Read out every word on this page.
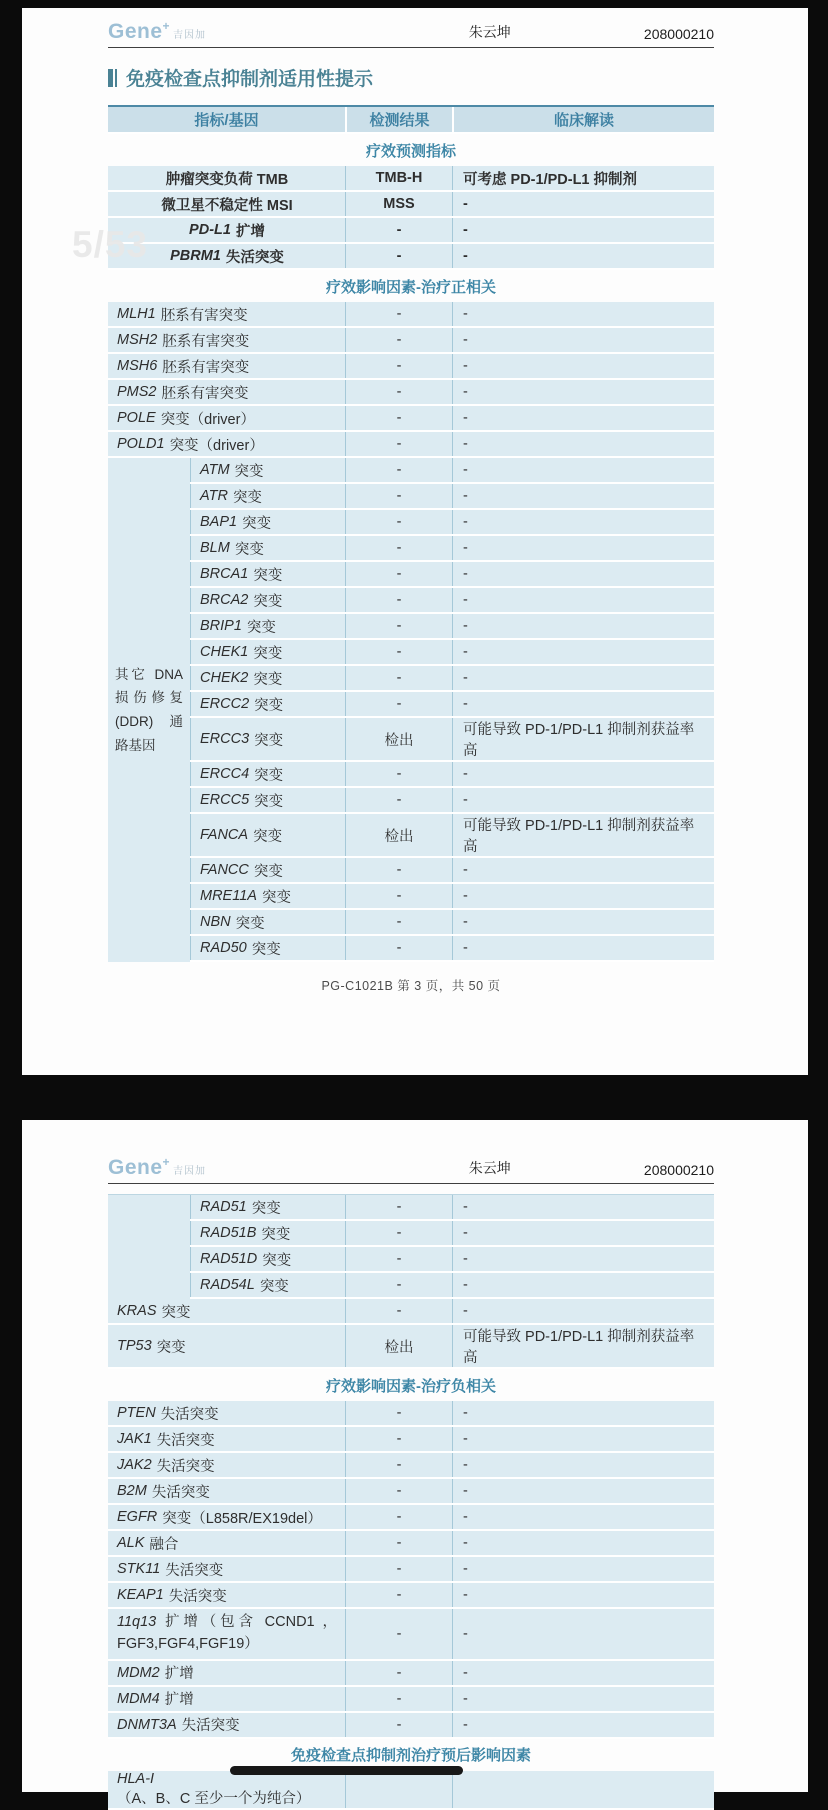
Gene+吉因加	朱云坤	208000210
免疫检查点抑制剂适用性提示
指标/基因	检测结果	临床解读
疗效预测指标
肿瘤突变负荷 TMB	TMB-H	可考虑 PD-1/PD-L1 抑制剂
微卫星不稳定性 MSI	MSS	-
PD-L1 扩增	-	-
PBRM1 失活突变	-	-
疗效影响因素-治疗正相关
MLH1 胚系有害突变	-	-
MSH2 胚系有害突变	-	-
MSH6 胚系有害突变	-	-
PMS2 胚系有害突变	-	-
POLE 突变（driver）	-	-
POLD1 突变（driver）	-	-
其它 DNA 损伤修复 (DDR) 通路基因
ATM 突变	-	-
ATR 突变	-	-
BAP1 突变	-	-
BLM 突变	-	-
BRCA1 突变	-	-
BRCA2 突变	-	-
BRIP1 突变	-	-
CHEK1 突变	-	-
CHEK2 突变	-	-
ERCC2 突变	-	-
ERCC3 突变	检出
可能导致 PD-1/PD-L1 抑制剂获益率高
ERCC4 突变	-	-
ERCC5 突变	-	-
FANCA 突变	检出
可能导致 PD-1/PD-L1 抑制剂获益率高
FANCC 突变	-	-
MRE11A 突变	-	-
NBN 突变	-	-
RAD50 突变	-	-
PG-C1021B 第 3 页，共 50 页
5/53
Gene+吉因加	朱云坤	208000210
RAD51 突变	-	-
RAD51B 突变	-	-
RAD51D 突变	-	-
RAD54L 突变	-	-
KRAS 突变	-	-
TP53 突变	检出
可能导致 PD-1/PD-L1 抑制剂获益率高
疗效影响因素-治疗负相关
PTEN 失活突变	-	-
JAK1 失活突变	-	-
JAK2 失活突变	-	-
B2M 失活突变	-	-
EGFR 突变（L858R/EX19del）	-	-
ALK 融合	-	-
STK11 失活突变	-	-
KEAP1 失活突变	-	-
11q13 扩增（包含 CCND1 ，FGF3,FGF4,FGF19）
-	-
MDM2 扩增	-	-
MDM4 扩增	-	-
DNMT3A 失活突变	-	-
免疫检查点抑制剂治疗预后影响因素
HLA-I
（A、B、C 至少一个为纯合）
